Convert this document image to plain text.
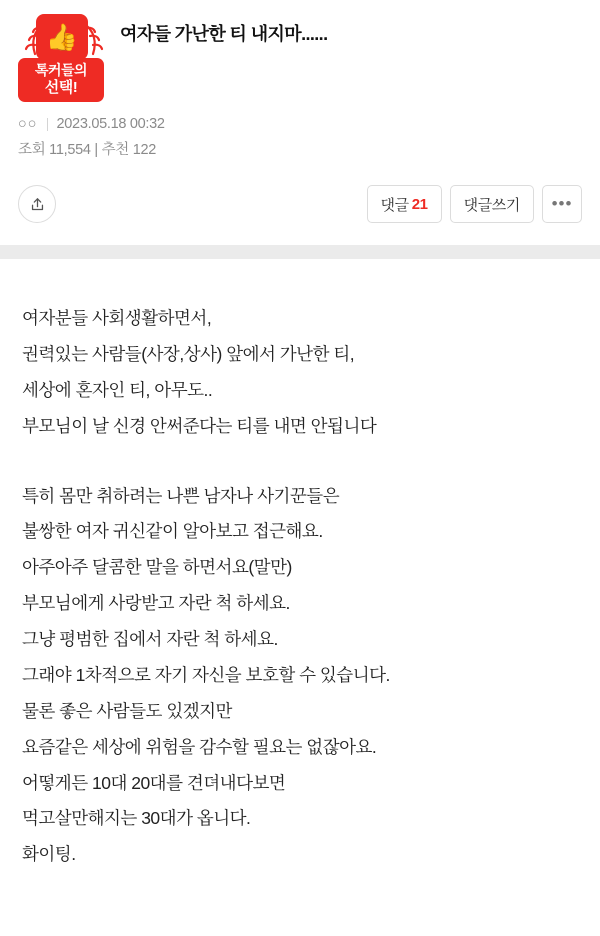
👍
톡커들의
선택!
여자들 가난한 티 내지마......
○○ 2023.05.18 00:32
조회 11,554 | 추천 122
댓글 21 댓글쓰기 •••

여자분들 사회생활하면서,

권력있는 사람들(사장,상사) 앞에서 가난한 티,

세상에 혼자인 티, 아무도..

부모님이 날 신경 안써준다는 티를 내면 안됩니다

특히 몸만 취하려는 나쁜 남자나 사기꾼들은

불쌍한 여자 귀신같이 알아보고 접근해요.

아주아주 달콤한 말을 하면서요(말만)

부모님에게 사랑받고 자란 척 하세요.

그냥 평범한 집에서 자란 척 하세요.

그래야 1차적으로 자기 자신을 보호할 수 있습니다.

물론 좋은 사람들도 있겠지만

요즘같은 세상에 위험을 감수할 필요는 없잖아요.

어떻게든 10대 20대를 견뎌내다보면

먹고살만해지는 30대가 옵니다.

화이팅.
